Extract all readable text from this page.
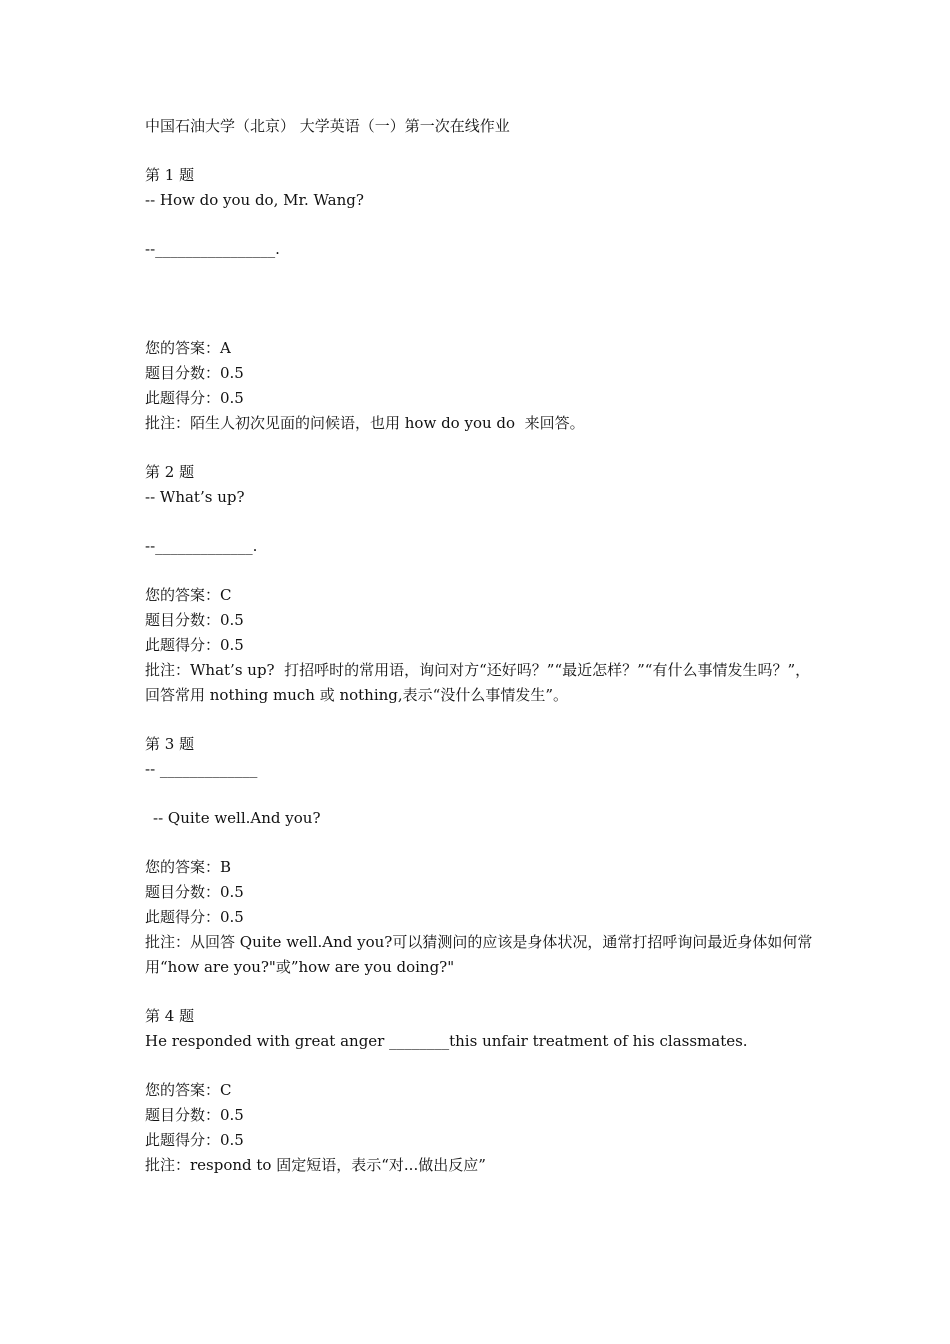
中国石油大学（北京） 大学英语（一）第一次在线作业
第 1 题
-- How do you do, Mr. Wang?
--________________.
您的答案：A
题目分数：0.5
此题得分：0.5
批注：陌生人初次见面的问候语，也用 how do you do  来回答。
第 2 题
-- What’s up?
--_____________.
您的答案：C
题目分数：0.5
此题得分：0.5
批注：What’s up?  打招呼时的常用语，询问对方“还好吗？”“最近怎样？”“有什么事情发生吗？”，回答常用 nothing much 或 nothing,表示“没什么事情发生”。
第 3 题
-- _____________
-- Quite well.And you?
您的答案：B
题目分数：0.5
此题得分：0.5
批注：从回答 Quite well.And you?可以猜测问的应该是身体状况，通常打招呼询问最近身体如何常用“how are you?"或”how are you doing?"
第 4 题
He responded with great anger ________this unfair treatment of his classmates.
您的答案：C
题目分数：0.5
此题得分：0.5
批注：respond to 固定短语，表示“对...做出反应”
